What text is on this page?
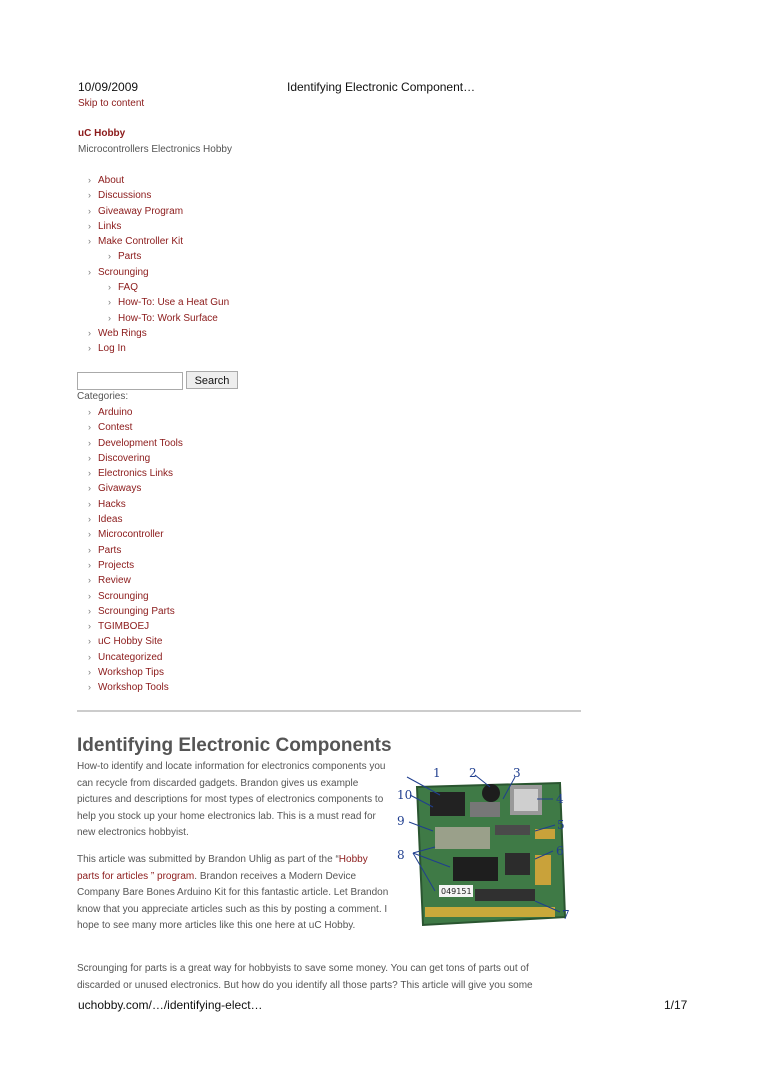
10/09/2009	Identifying Electronic Component…
Skip to content
uC Hobby
Microcontrollers Electronics Hobby
› About
› Discussions
› Giveaway Program
› Links
› Make Controller Kit
› Parts
› Scrounging
› FAQ
› How-To: Use a Heat Gun
› How-To: Work Surface
› Web Rings
› Log In
Search
Categories:
› Arduino
› Contest
› Development Tools
› Discovering
› Electronics Links
› Givaways
› Hacks
› Ideas
› Microcontroller
› Parts
› Projects
› Review
› Scrounging
› Scrounging Parts
› TGIMBOEJ
› uC Hobby Site
› Uncategorized
› Workshop Tips
› Workshop Tools
Identifying Electronic Components
How-to identify and locate information for electronics components you can recycle from discarded gadgets. Brandon gives us example pictures and descriptions for most types of electronics components to help you stock up your home electronics lab. This is a must read for new electronics hobbyist.
This article was submitted by Brandon Uhlig as part of the “Hobby parts for articles ” program. Brandon receives a Modern Device Company Bare Bones Arduino Kit for this fantastic article. Let Brandon know that you appreciate articles such as this by posting a comment. I hope to see many more articles like this one here at uC Hobby.
1 2	3
4
5
6
7
8
9
10
049151
Scrounging for parts is a great way for hobbyists to save some money. You can get tons of parts out of discarded or unused electronics. But how do you identify all those parts? This article will give you some
uchobby.com/…/identifying-elect…	1/17
